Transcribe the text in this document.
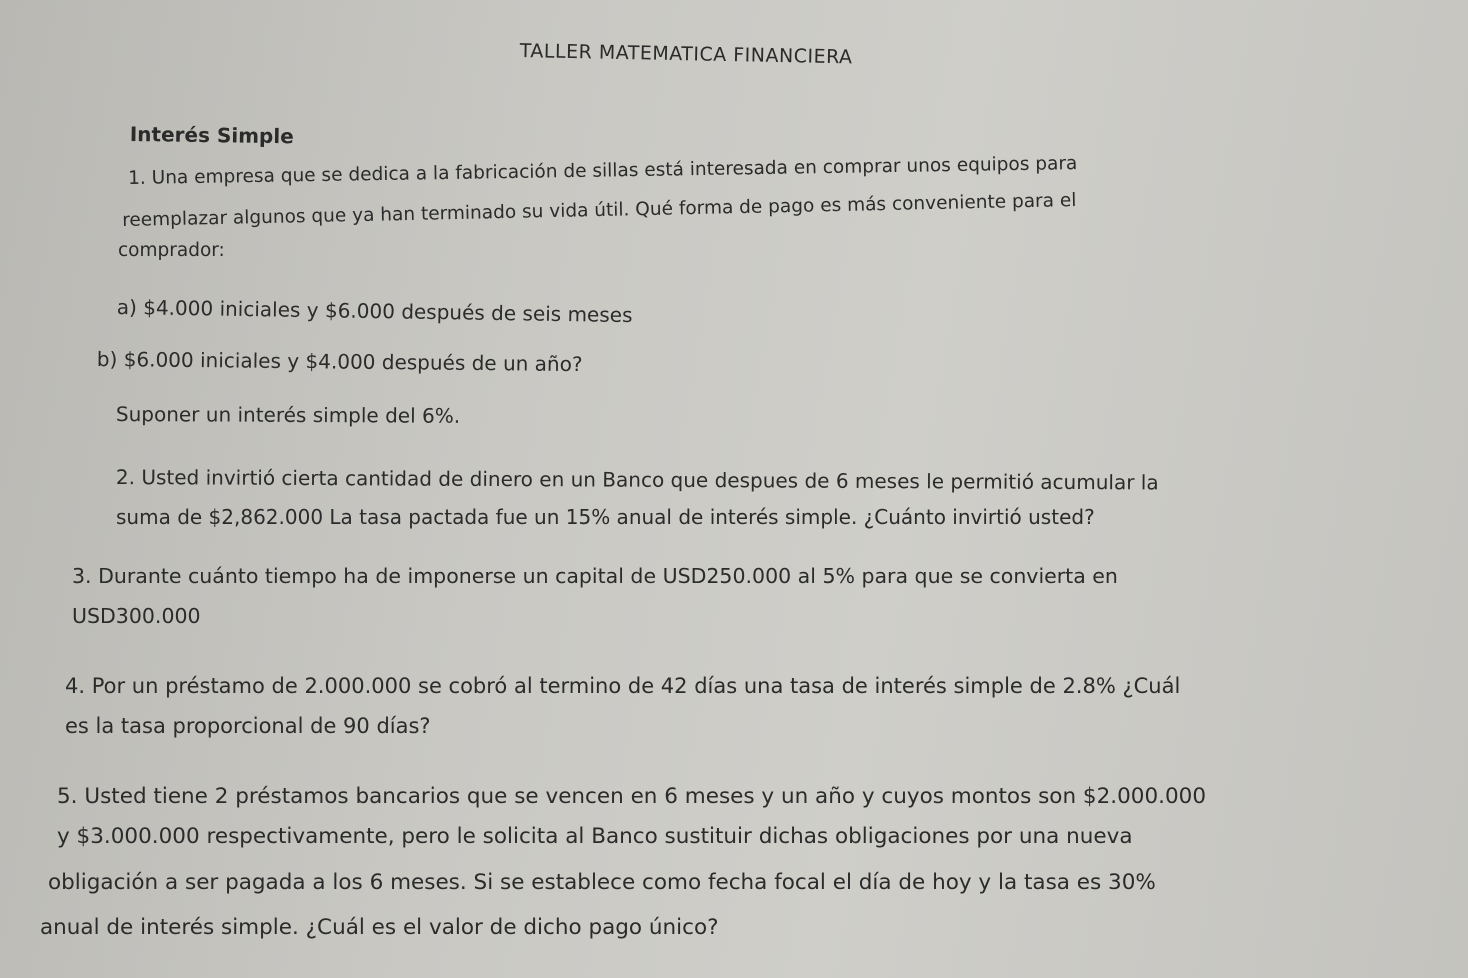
TALLER MATEMATICA FINANCIERA
Interés Simple
1. Una empresa que se dedica a la fabricación de sillas está interesada en comprar unos equipos para
reemplazar algunos que ya han terminado su vida útil. Qué forma de pago es más conveniente para el
comprador:
a) $4.000 iniciales y $6.000 después de seis meses
b) $6.000 iniciales y $4.000 después de un año?
Suponer un interés simple del 6%.
2. Usted invirtió cierta cantidad de dinero en un Banco que despues de 6 meses le permitió acumular la
suma de $2,862.000 La tasa pactada fue un 15% anual de interés simple. ¿Cuánto invirtió usted?
3. Durante cuánto tiempo ha de imponerse un capital de USD250.000 al 5% para que se convierta en
USD300.000
4. Por un préstamo de 2.000.000 se cobró al termino de 42 días una tasa de interés simple de 2.8% ¿Cuál
es la tasa proporcional de 90 días?
5. Usted tiene 2 préstamos bancarios que se vencen en 6 meses y un año y cuyos montos son $2.000.000
y $3.000.000 respectivamente, pero le solicita al Banco sustituir dichas obligaciones por una nueva
obligación a ser pagada a los 6 meses. Si se establece como fecha focal el día de hoy y la tasa es 30%
anual de interés simple. ¿Cuál es el valor de dicho pago único?
